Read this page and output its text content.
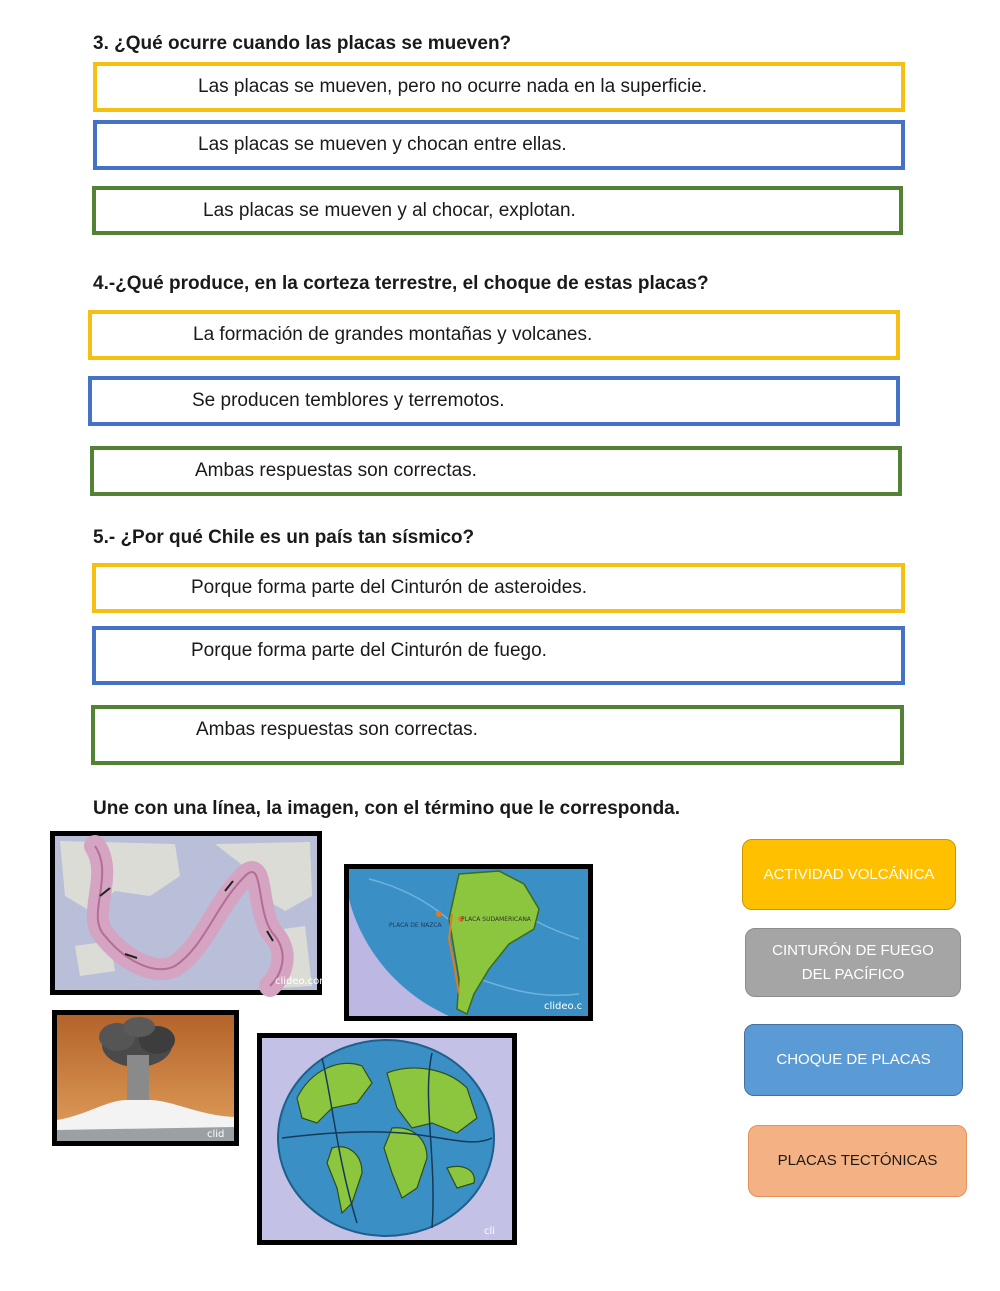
3. ¿Qué ocurre cuando las placas se mueven?
Las placas se mueven, pero no ocurre nada en la superficie.
Las placas se mueven y chocan entre ellas.
Las placas se mueven y al chocar, explotan.
4.-¿Qué produce, en la corteza terrestre, el choque de estas placas?
La formación de grandes montañas y volcanes.
Se producen temblores y terremotos.
Ambas respuestas son correctas.
5.- ¿Por qué Chile es un país tan sísmico?
Porque forma parte del Cinturón de asteroides.
Porque forma parte del Cinturón de fuego.
Ambas respuestas son correctas.
Une con una línea, la imagen, con el término que le corresponda.
clideo.com
PLACA SUDAMERICANA
PLACA DE NAZCA
clideo.c
clid
cli
ACTIVIDAD VOLCÁNICA
CINTURÓN DE FUEGO DEL PACÍFICO
CHOQUE DE PLACAS
PLACAS TECTÓNICAS
